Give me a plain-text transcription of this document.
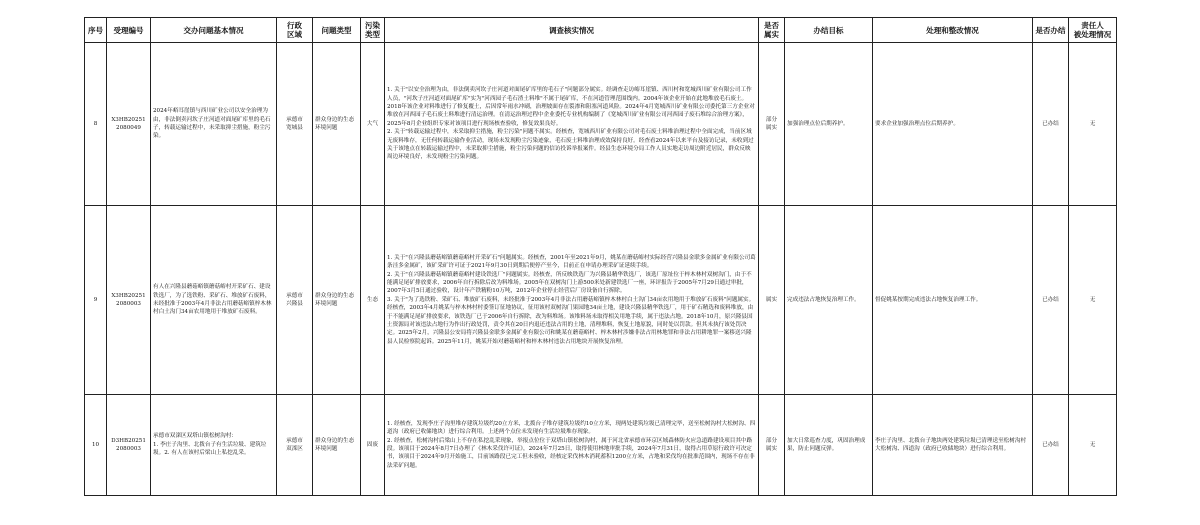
序号	受理编号	交办问题基本情况	行政
区域	问题类型	污染
类型	调查核实情况	是否
属实	办结目标	处理和整改情况	是否办结	责任人
被处理情况
8	X3HB20251
2080049	2024年峪耳崖镇与西川矿业公司以安全治理为由，非法倒卖河坎子庄河道对面尾矿库里的毛石子，转载运输过程中，未采取抑尘措施，粉尘污染。	承德市
宽城县	群众身边的生态环境问题	大气	1. 关于"以安全治理为由，非法倒卖河坎子庄河道对面尾矿库里的毛石子"问题部分属实。经调查走访峪耳崖镇、西川村和宽城西川矿业有限公司工作人员，"河坎子庄河道对面尾矿库"实为"河西园子毛石渣土料堆"不属于尾矿库，不在河道管理范围线内。2004年该企业开始在此地堆放毛石废土。2018年该企业对料堆进行了修复覆土，后因常年雨水冲刷，治理坡面存在裂渗和阻塞河道风险。2024年4月宽城西川矿业有限公司委托第三方企业对堆放在河西园子毛石废土料堆进行清运治理。在清运治理过程中企业委托专业机构编制了《宽城西川矿业有限公司河西园子废石堆综合治理方案》，2025年8月企业组织专家对该项目进行现场核查验收，修复效果良好。
2. 关于"转载运输过程中，未采取抑尘措施，粉尘污染"问题不属实。经核查，宽城西川矿业有限公司对毛石废土料堆治理过程中全面完成，当前区域无废料堆存，无任何转载运输作业活动，现场未发现粉尘污染迹象，毛石废土料堆治理成效保持良好。经查看2024年以来平台及接访记录，未收到过关于该地点在转载运输过程中，未采取抑尘措施，粉尘污染问题的信访投诉举报案件。经县生态环境分局工作人员实地走访周边附近居民，群众反映周边环境良好，未发现粉尘污染问题。	部分
属实	加强治理点位后期养护。	要求企业加强治理点位后期养护。	已办结	无
9	X3HB20251
2080003	有人在兴隆县蘑菇峪镇蘑菇峪村开采矿石、建设铁选厂，为了选铁粉、采矿石、堆放矿石废料，未经批准于2003年4月非法占用蘑菇峪镇梓木林村白土沟门34亩农用地用于堆放矿石废料。	承德市
兴隆县	群众身边的生态环境问题	生态	1. 关于"在兴隆县蘑菇峪镇蘑菇峪村开采矿石"问题属实。经核查，2001年至2021年9月，姚某在蘑菇峪村实际经营兴隆县金联多金属矿业有限公司葛条洼多金属矿，该矿采矿许可证于2021年9月30日到期后便停产至今，目前正在申请办理采矿证延续手续。
2. 关于"在兴隆县蘑菇峪镇蘑菇峪村建设铁选厂"问题属实。经核查，所反映铁选厂为兴隆县精华铁选厂，该选厂原址位于梓木林村双树沟门，由于不能满足尾矿排放要求，2006年自行拆除后改为料堆场。2005年在双树沟门上游500米处新建铁选厂一座，环评报告于2005年7月29日通过审批，2007年3月5日通过验收，设计年产铁精粉10万吨，2012年企业停止经营后厂房设备自行拆除。
3. 关于"为了选铁粉、采矿石、堆放矿石废料，未经批准于2003年4月非法占用蘑菇峪镇梓木林村白土沟门34亩农用地用于堆放矿石废料"问题属实。经核查，2003年4月姚某与梓木林村村委签订征地协议，征用该村双树沟门果园地34亩土地，建设兴隆县精华铁选厂，用于矿石精选和废料堆放，由于不能满足尾矿排放要求，该铁选厂已于2006年自行拆除，改为料堆场。该堆料场未取得相关用地手续，属于违法占地。2018年10月，原兴隆县国土资源局对该违法占地行为作出行政处罚，责令其在20日内退还违法占用的土地，清理堆料，恢复土地原貌，同时处以罚款。但其未执行该处罚决定。2025年2月，兴隆县公安局将兴隆县金联多金属矿业有限公司和姚某在蘑菇峪村、梓木林村涉嫌非法占用林地罪和非法占用耕地罪一案移送兴隆县人民检察院起诉。2025年11月，姚某开始对蘑菇峪村和梓木林村违法占用地块开展恢复治理。	属实	完成违法占地恢复治理工作。	督促姚某按期完成违法占地恢复治理工作。	已办结	无
10	D3HB20251
2080003	承德市双滦区双塔山镇松树沟村：
1. 李庄子沟里、北拨台子有生活垃圾、建筑垃圾。2. 有人在该村后梁山上私挖乱采。	承德市
双滦区	群众身边的生态环境问题	固废	1. 经核查，发现李庄子沟里堆存建筑垃圾约20立方米，北拨台子堆存建筑垃圾约10立方米，现两处建筑垃圾已清理完毕，送至松树沟村大松树沟、四道沟（政府已收储地块）进行综合利用。上述两个点位未发现有生活垃圾堆存现象。
2. 经核查，松树沟村后梁山上不存在私挖乱采现象，举报点位位于双塔山镇松树沟村，属于河北省承德市环京区域森林防火应急道路建设项目其中路段。该项目于2024年8月7日办理了《林木采伐许可证》，2024年7月25日，取得使用林地审批手续，2024年7月31日，取得占用草原行政许可决定书，该项目于2024年9月开始施工，目前该路段已完工但未验收，经核定采伐林木消耗蓄积1200立方米，占地和采伐均在批准范围内，现场不存在非法采矿问题。	部分
属实	加大日常巡查力度，巩固治理成果，防止问题反弹。	李庄子沟里、北拨台子地块两处建筑垃圾已清理送至松树沟村大松树沟、四道沟（政府已收储地块）进行综合利用。	已办结	无
